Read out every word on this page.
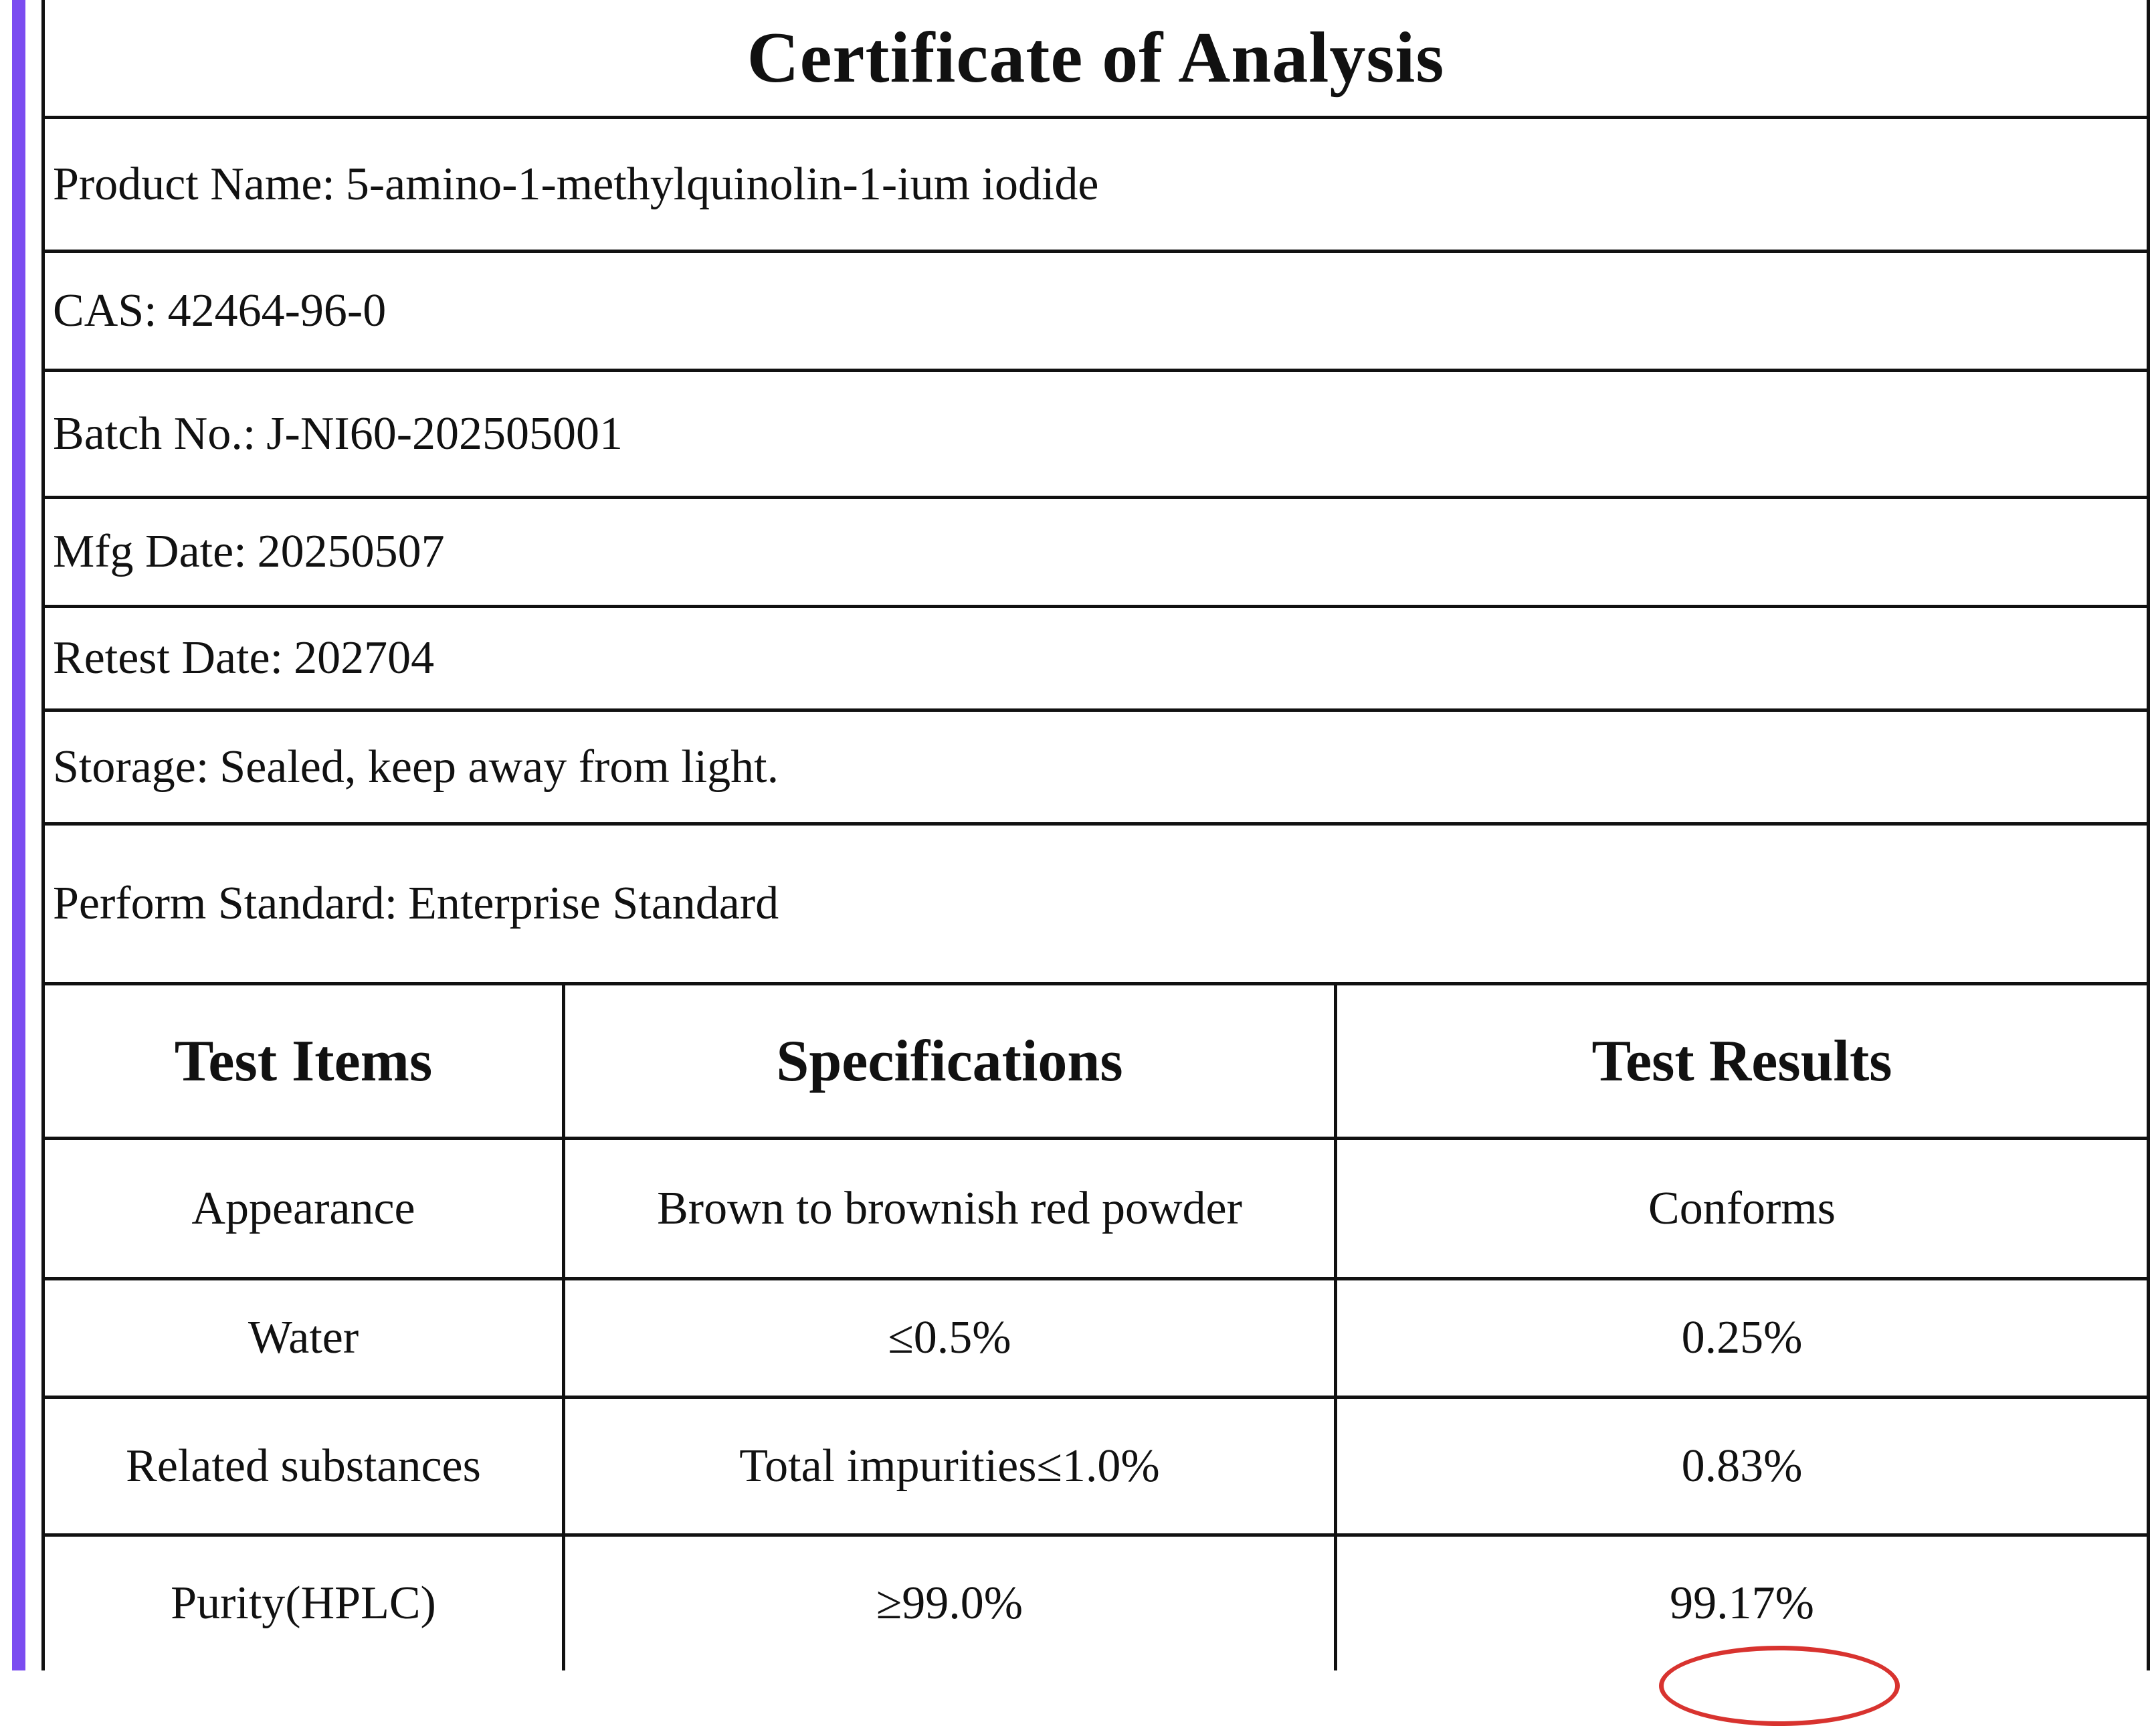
Certificate of Analysis
Product Name: 5-amino-1-methylquinolin-1-ium iodide
CAS: 42464-96-0
Batch No.: J-NI60-202505001
Mfg Date: 20250507
Retest Date: 202704
Storage: Sealed, keep away from light.
Perform Standard: Enterprise Standard
Test Items	Specifications	Test Results
Appearance	Brown to brownish red powder	Conforms
Water	≤0.5%	0.25%
Related substances	Total impurities≤1.0%	0.83%
Purity(HPLC)	≥99.0%	99.17%
